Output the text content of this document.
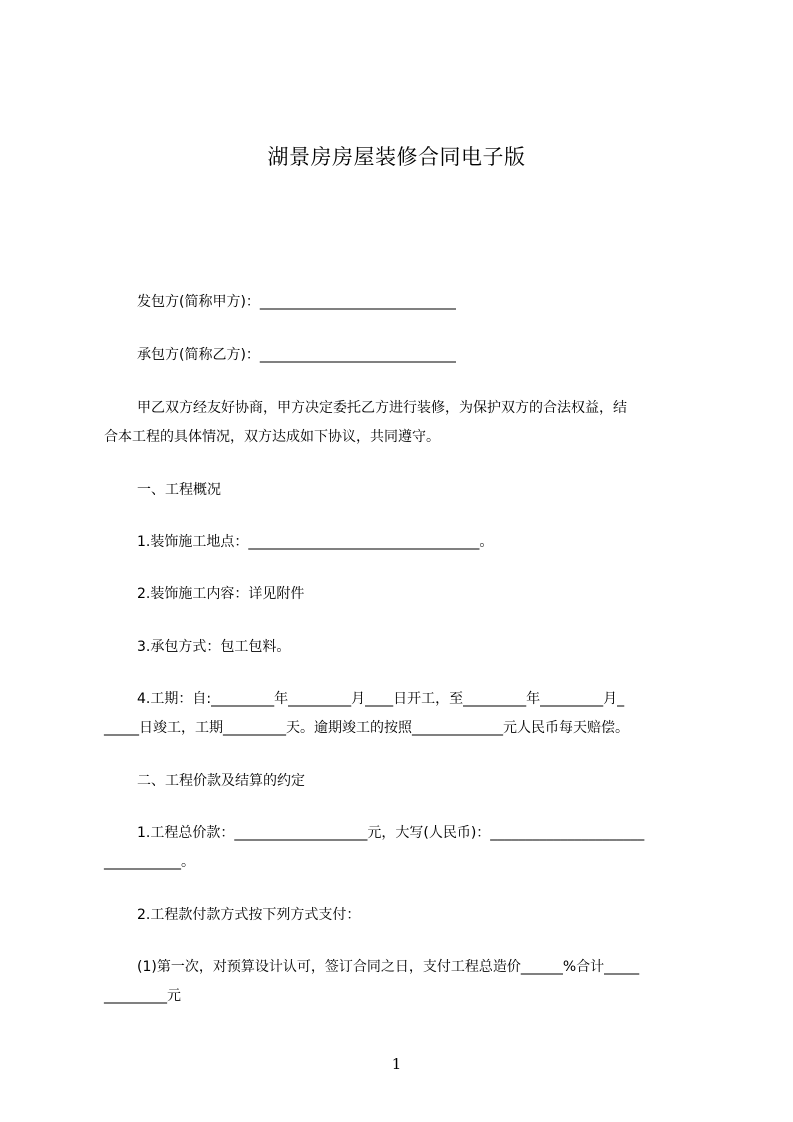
湖景房房屋装修合同电子版
发包方(简称甲方)：____________________________
承包方(简称乙方)：____________________________
甲乙双方经友好协商，甲方决定委托乙方进行装修，为保护双方的合法权益，结
合本工程的具体情况，双方达成如下协议，共同遵守。
一、工程概况
1.装饰施工地点：_________________________________。
2.装饰施工内容：详见附件
3.承包方式：包工包料。
4.工期：自:_________年_________月____日开工，至_________年_________月_
_____日竣工，工期_________天。逾期竣工的按照_____________元人民币每天赔偿。
二、工程价款及结算的约定
1.工程总价款：___________________元，大写(人民币)：______________________
___________。
2.工程款付款方式按下列方式支付：
(1)第一次，对预算设计认可，签订合同之日，支付工程总造价______%合计_____
_________元
1
